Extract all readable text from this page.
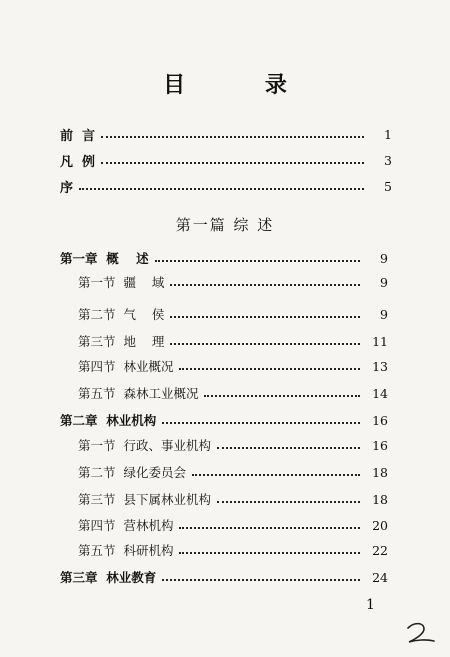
目 录
前  言	1
凡  例	3
序	5
第一篇 综 述
第一章  概    述	9
第一节  疆    域	9
第二节  气    侯	9
第三节  地    理	11
第四节  林业概况	13
第五节  森林工业概况	14
第二章  林业机构	16
第一节  行政、事业机构	16
第二节  绿化委员会	18
第三节  县下属林业机构	18
第四节  营林机构	20
第五节  科研机构	22
第三章  林业教育	24
1
